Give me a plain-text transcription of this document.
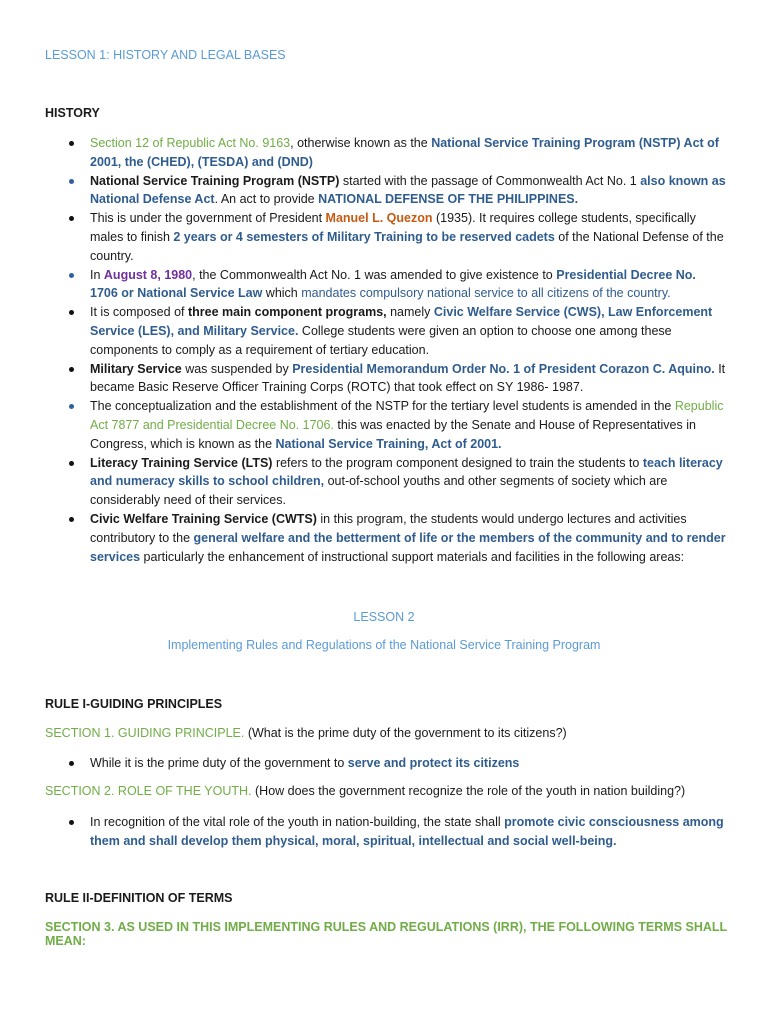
LESSON 1: HISTORY AND LEGAL BASES

HISTORY

Section 12 of Republic Act No. 9163, otherwise known as the National Service Training Program (NSTP) Act of 2001, the (CHED), (TESDA) and (DND)
National Service Training Program (NSTP) started with the passage of Commonwealth Act No. 1 also known as National Defense Act. An act to provide NATIONAL DEFENSE OF THE PHILIPPINES.
This is under the government of President Manuel L. Quezon (1935). It requires college students, specifically males to finish 2 years or 4 semesters of Military Training to be reserved cadets of the National Defense of the country.
In August 8, 1980, the Commonwealth Act No. 1 was amended to give existence to Presidential Decree No. 1706 or National Service Law which mandates compulsory national service to all citizens of the country.
It is composed of three main component programs, namely Civic Welfare Service (CWS), Law Enforcement Service (LES), and Military Service. College students were given an option to choose one among these components to comply as a requirement of tertiary education.
Military Service was suspended by Presidential Memorandum Order No. 1 of President Corazon C. Aquino. It became Basic Reserve Officer Training Corps (ROTC) that took effect on SY 1986- 1987.
The conceptualization and the establishment of the NSTP for the tertiary level students is amended in the Republic Act 7877 and Presidential Decree No. 1706. this was enacted by the Senate and House of Representatives in Congress, which is known as the National Service Training, Act of 2001.
Literacy Training Service (LTS) refers to the program component designed to train the students to teach literacy and numeracy skills to school children, out-of-school youths and other segments of society which are considerably need of their services.
Civic Welfare Training Service (CWTS) in this program, the students would undergo lectures and activities contributory to the general welfare and the betterment of life or the members of the community and to render services particularly the enhancement of instructional support materials and facilities in the following areas:

LESSON 2

Implementing Rules and Regulations of the National Service Training Program

RULE I-GUIDING PRINCIPLES

SECTION 1. GUIDING PRINCIPLE. (What is the prime duty of the government to its citizens?)

While it is the prime duty of the government to serve and protect its citizens

SECTION 2. ROLE OF THE YOUTH. (How does the government recognize the role of the youth in nation building?)

In recognition of the vital role of the youth in nation-building, the state shall promote civic consciousness among them and shall develop them physical, moral, spiritual, intellectual and social well-being.

RULE II-DEFINITION OF TERMS

SECTION 3. AS USED IN THIS IMPLEMENTING RULES AND REGULATIONS (IRR), THE FOLLOWING TERMS SHALL MEAN:
